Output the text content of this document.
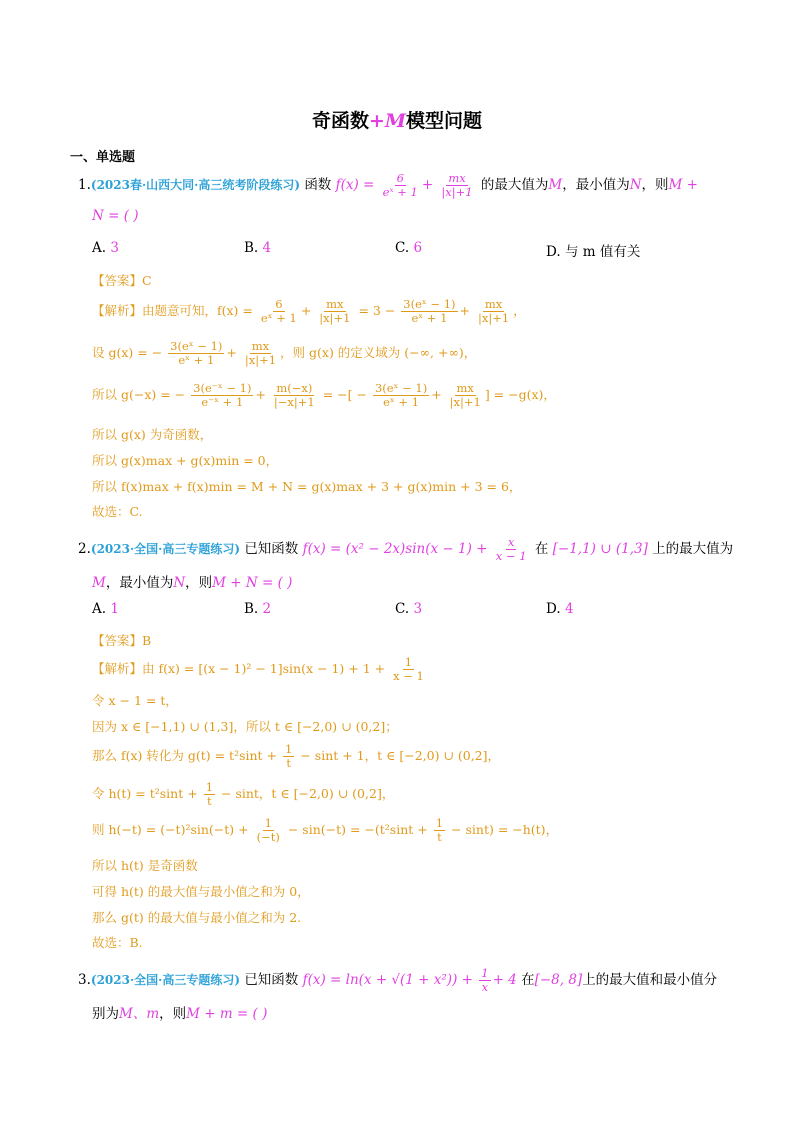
奇函数+M模型问题
一、单选题
1.(2023春·山西大同·高三统考阶段练习) 函数 $f(x) = \frac{6}{\text{eˣ + 1}} + \frac{mx}{|x|+1}$ 的最大值为M，最小值为N，则M +
N = ( )
A. 3	B. 4	C. 6	D. 与 m 值有关
【答案】C
【解析】由题意可知，$f(x) = \frac{6}{\text{eˣ + 1}} + \frac{mx}{|x|+1} = 3 - \frac{\text{3(eˣ − 1)}}{\text{eˣ + 1}} + \frac{mx}{|x|+1}$ ，
设 g(x) = − $\frac{\text{3(eˣ − 1)}}{\text{eˣ + 1}} + \frac{mx}{|x|+1}$ ，则 g(x) 的定义域为 (−∞, +∞)，
所以 g(−x) = − $\frac{\text{3(e⁻ˣ − 1)}}{\text{e⁻ˣ + 1}} + \frac{m(-x)}{|-x|+1}$ = −[ − $\frac{\text{3(eˣ − 1)}}{\text{eˣ + 1}} + \frac{mx}{|x|+1}$ ] = −g(x)，
所以 g(x) 为奇函数，
所以 g(x)max + g(x)min = 0，
所以 f(x)max + f(x)min = M + N = g(x)max + 3 + g(x)min + 3 = 6，
故选：C.
2.(2023·全国·高三专题练习) 已知函数 $f(x) = (x^2 - 2x)\sin(x - 1) + \frac{x}{x - 1}$ 在 [−1,1) ∪ (1,3] 上的最大值为
M，最小值为N，则M + N = ( )
A. 1	B. 2	C. 3	D. 4
【答案】B
【解析】由 $f(x) = [(x - 1)^2 - 1]\sin(x - 1) + 1 + \frac{1}{x - 1}$
令 x − 1 = t，
因为 x ∈ [−1,1) ∪ (1,3]，所以 t ∈ [−2,0) ∪ (0,2]；
那么 f(x) 转化为 $g(t) = t^2\sin t + \frac{1}{t} - \sin t + 1$，t ∈ [−2,0) ∪ (0,2]，
令 $h(t) = t^2\sin t + \frac{1}{t} - \sin t$，t ∈ [−2,0) ∪ (0,2]，
则 $h(-t) = (-t)^2\sin(-t) + \frac{1}{(-t)} - \sin(-t) = -(t^2\sin t + \frac{1}{t} - \sin t) = -h(t)$，
所以 h(t) 是奇函数
可得 h(t) 的最大值与最小值之和为 0，
那么 g(t) 的最大值与最小值之和为 2.
故选：B.
3.(2023·全国·高三专题练习) 已知函数 $f(x) = \ln(x + √(1 + x^2)) + \frac{1}{x} + 4$ 在[−8, 8]上的最大值和最小值分
别为M、m，则M + m = ( )
